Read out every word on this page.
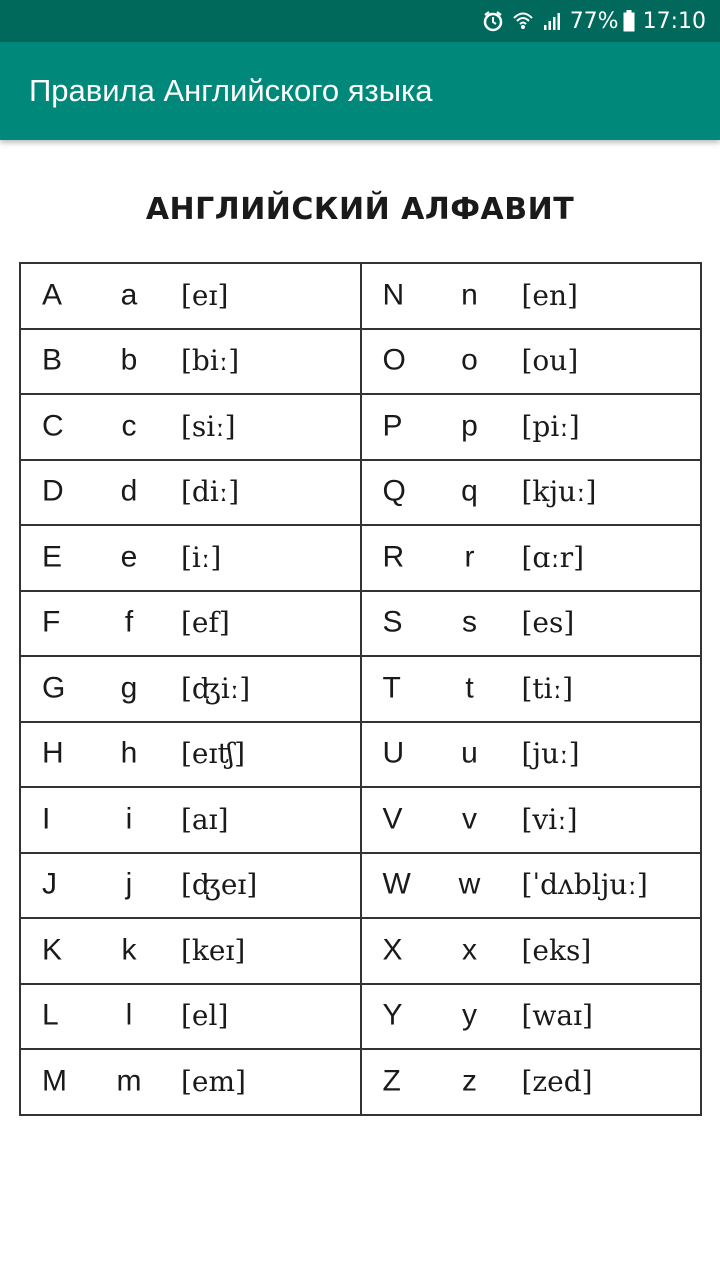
77% 17:10
Правила Английского языка
АНГЛИЙСКИЙ АЛФАВИТ
A a [eɪ]	N n [en]

B b [biː]	O o [ou]

C c [siː]	P p [piː]

D d [diː]	Q q [kjuː]

E e [iː]	R r [ɑːr]

F f [ef]	S s [es]

G g [ʤiː]	T t [tiː]

H h [eɪʧ]	U u [juː]

I i [aɪ]	V v [viː]

J j [ʤeɪ]	W w [ˈdʌbljuː]

K k [keɪ]	X x [eks]

L l [el]	Y y [waɪ]

M m [em]	Z z [zed]
